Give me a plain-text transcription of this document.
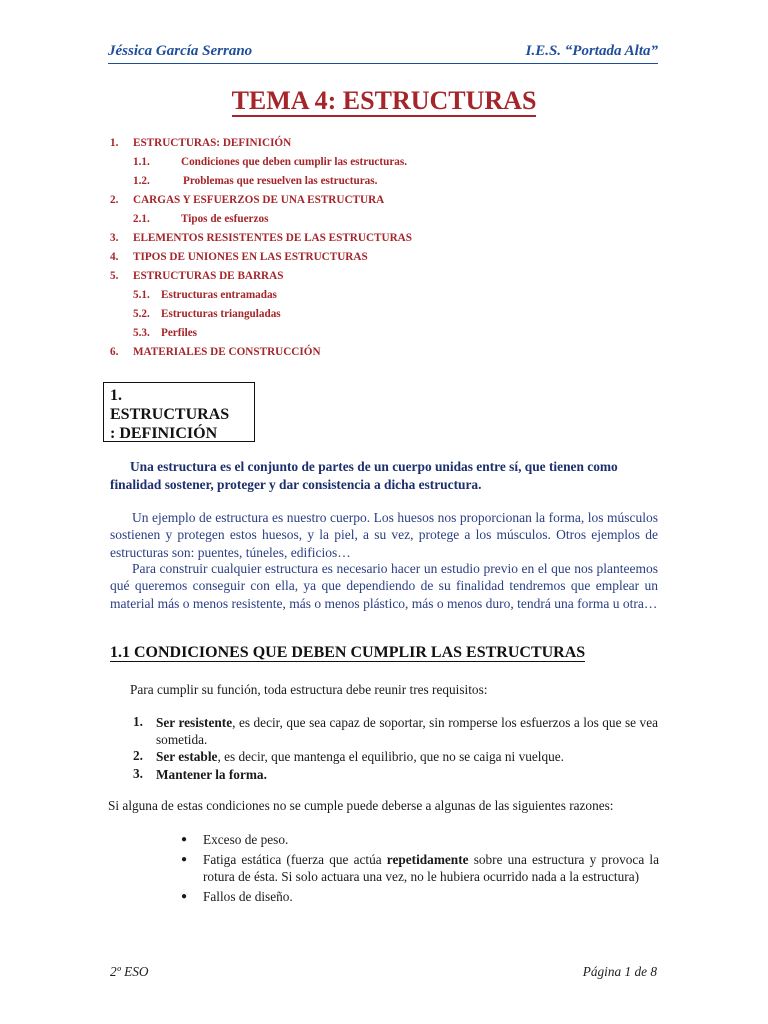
Jéssica García Serrano	I.E.S. “Portada Alta”
TEMA 4: ESTRUCTURAS
1. ESTRUCTURAS: DEFINICIÓN
1.1.	Condiciones que deben cumplir las estructuras.
1.2.	Problemas que resuelven las estructuras.
2. CARGAS Y ESFUERZOS DE UNA ESTRUCTURA
2.1.	Tipos de esfuerzos
3. ELEMENTOS RESISTENTES DE LAS ESTRUCTURAS
4. TIPOS DE UNIONES EN LAS ESTRUCTURAS
5. ESTRUCTURAS DE BARRAS
5.1. Estructuras entramadas
5.2. Estructuras trianguladas
5.3. Perfiles
6. MATERIALES DE CONSTRUCCIÓN
1.
ESTRUCTURAS
: DEFINICIÓN
Una estructura es el conjunto de partes de un cuerpo unidas entre sí, que tienen como finalidad sostener, proteger y dar consistencia a dicha estructura.
Un ejemplo de estructura es nuestro cuerpo. Los huesos nos proporcionan la forma, los músculos sostienen y protegen estos huesos, y la piel, a su vez, protege a los músculos. Otros ejemplos de estructuras son: puentes, túneles, edificios…
Para construir cualquier estructura es necesario hacer un estudio previo en el que nos planteemos qué queremos conseguir con ella, ya que dependiendo de su finalidad tendremos que emplear un material más o menos resistente, más o menos plástico, más o menos duro, tendrá una forma u otra…
1.1 CONDICIONES QUE DEBEN CUMPLIR LAS ESTRUCTURAS
Para cumplir su función, toda estructura debe reunir tres requisitos:
1. Ser resistente, es decir, que sea capaz de soportar, sin romperse los esfuerzos a los que se vea sometida.
2. Ser estable, es decir, que mantenga el equilibrio, que no se caiga ni vuelque.
3. Mantener la forma.
Si alguna de estas condiciones no se cumple puede deberse a algunas de las siguientes razones:
● Exceso de peso.
● Fatiga estática (fuerza que actúa repetidamente sobre una estructura y provoca la rotura de ésta. Si solo actuara una vez, no le hubiera ocurrido nada a la estructura)
● Fallos de diseño.
2º ESO	Página 1 de 8
